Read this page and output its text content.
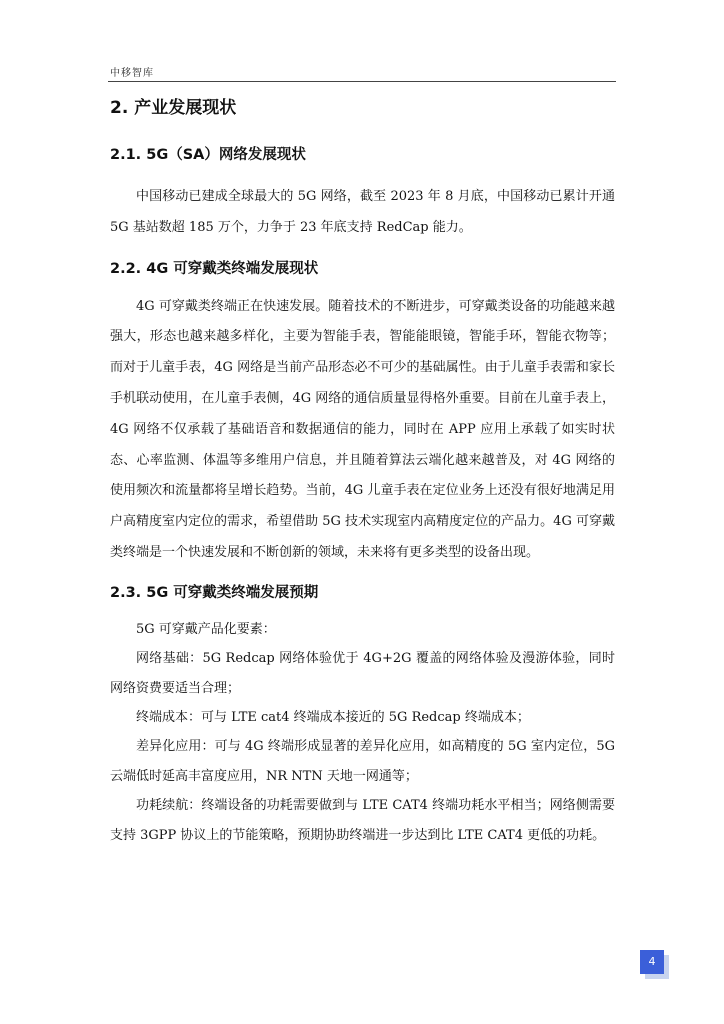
中移智库
2. 产业发展现状
2.1. 5G（SA）网络发展现状

中国移动已建成全球最大的 5G 网络，截至 2023 年 8 月底，中国移动已累计开通 5G 基站数超 185 万个，力争于 23 年底支持 RedCap 能力。

2.2. 4G 可穿戴类终端发展现状

4G 可穿戴类终端正在快速发展。随着技术的不断进步，可穿戴类设备的功能越来越强大，形态也越来越多样化，主要为智能手表，智能能眼镜，智能手环，智能衣物等；而对于儿童手表，4G 网络是当前产品形态必不可少的基础属性。由于儿童手表需和家长手机联动使用，在儿童手表侧，4G 网络的通信质量显得格外重要。目前在儿童手表上，4G 网络不仅承载了基础语音和数据通信的能力，同时在 APP 应用上承载了如实时状态、心率监测、体温等多维用户信息，并且随着算法云端化越来越普及，对 4G 网络的使用频次和流量都将呈增长趋势。当前，4G 儿童手表在定位业务上还没有很好地满足用户高精度室内定位的需求，希望借助 5G 技术实现室内高精度定位的产品力。4G 可穿戴类终端是一个快速发展和不断创新的领域，未来将有更多类型的设备出现。

2.3. 5G 可穿戴类终端发展预期

5G 可穿戴产品化要素：

网络基础：5G Redcap 网络体验优于 4G+2G 覆盖的网络体验及漫游体验，同时网络资费要适当合理；

终端成本：可与 LTE cat4 终端成本接近的 5G Redcap 终端成本；

差异化应用：可与 4G 终端形成显著的差异化应用，如高精度的 5G 室内定位，5G 云端低时延高丰富度应用，NR NTN 天地一网通等；

功耗续航：终端设备的功耗需要做到与 LTE CAT4 终端功耗水平相当；网络侧需要支持 3GPP 协议上的节能策略，预期协助终端进一步达到比 LTE CAT4 更低的功耗。

4
